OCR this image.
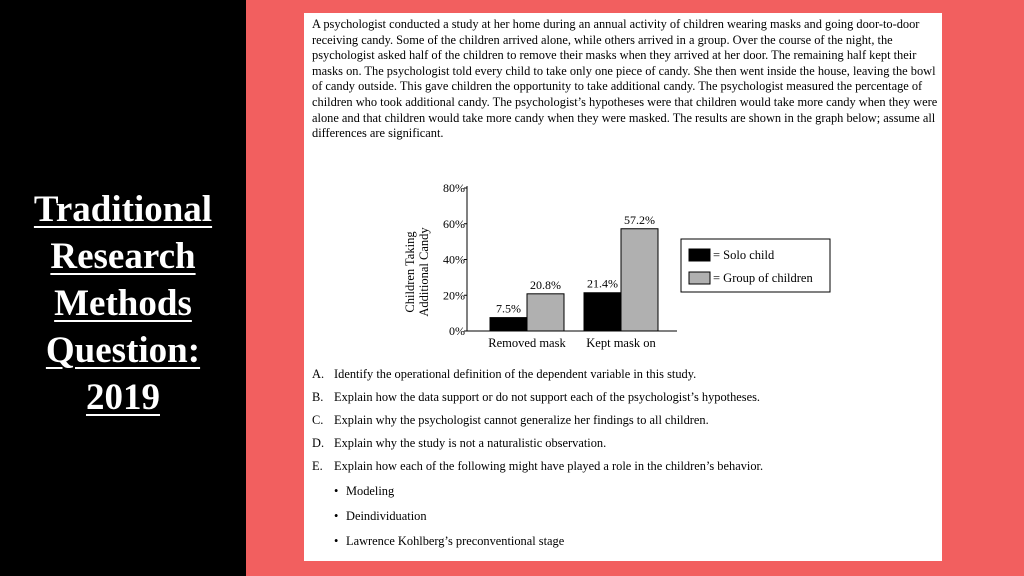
Traditional
Research
Methods
Question:
2019

A psychologist conducted a study at her home during an annual activity of children wearing masks and going door-to-door receiving candy. Some of the children arrived alone, while others arrived in a group. Over the course of the night, the psychologist asked half of the children to remove their masks when they arrived at her door. The remaining half kept their masks on. The psychologist told every child to take only one piece of candy. She then went inside the house, leaving the bowl of candy outside. This gave children the opportunity to take additional candy. The psychologist measured the percentage of children who took additional candy. The psychologist’s hypotheses were that children would take more candy when they were alone and that children would take more candy when they were masked. The results are shown in the graph below; assume all differences are significant.

Children Taking Additional Candy
0%
20%
40%
60%
80%
7.5%
20.8%
Removed mask
21.4%
57.2%
Kept mask on
= Solo child
= Group of children
A. Identify the operational definition of the dependent variable in this study.
B. Explain how the data support or do not support each of the psychologist’s hypotheses.
C. Explain why the psychologist cannot generalize her findings to all children.
D. Explain why the study is not a naturalistic observation.
E. Explain how each of the following might have played a role in the children’s behavior.
• Modeling
• Deindividuation
• Lawrence Kohlberg’s preconventional stage
